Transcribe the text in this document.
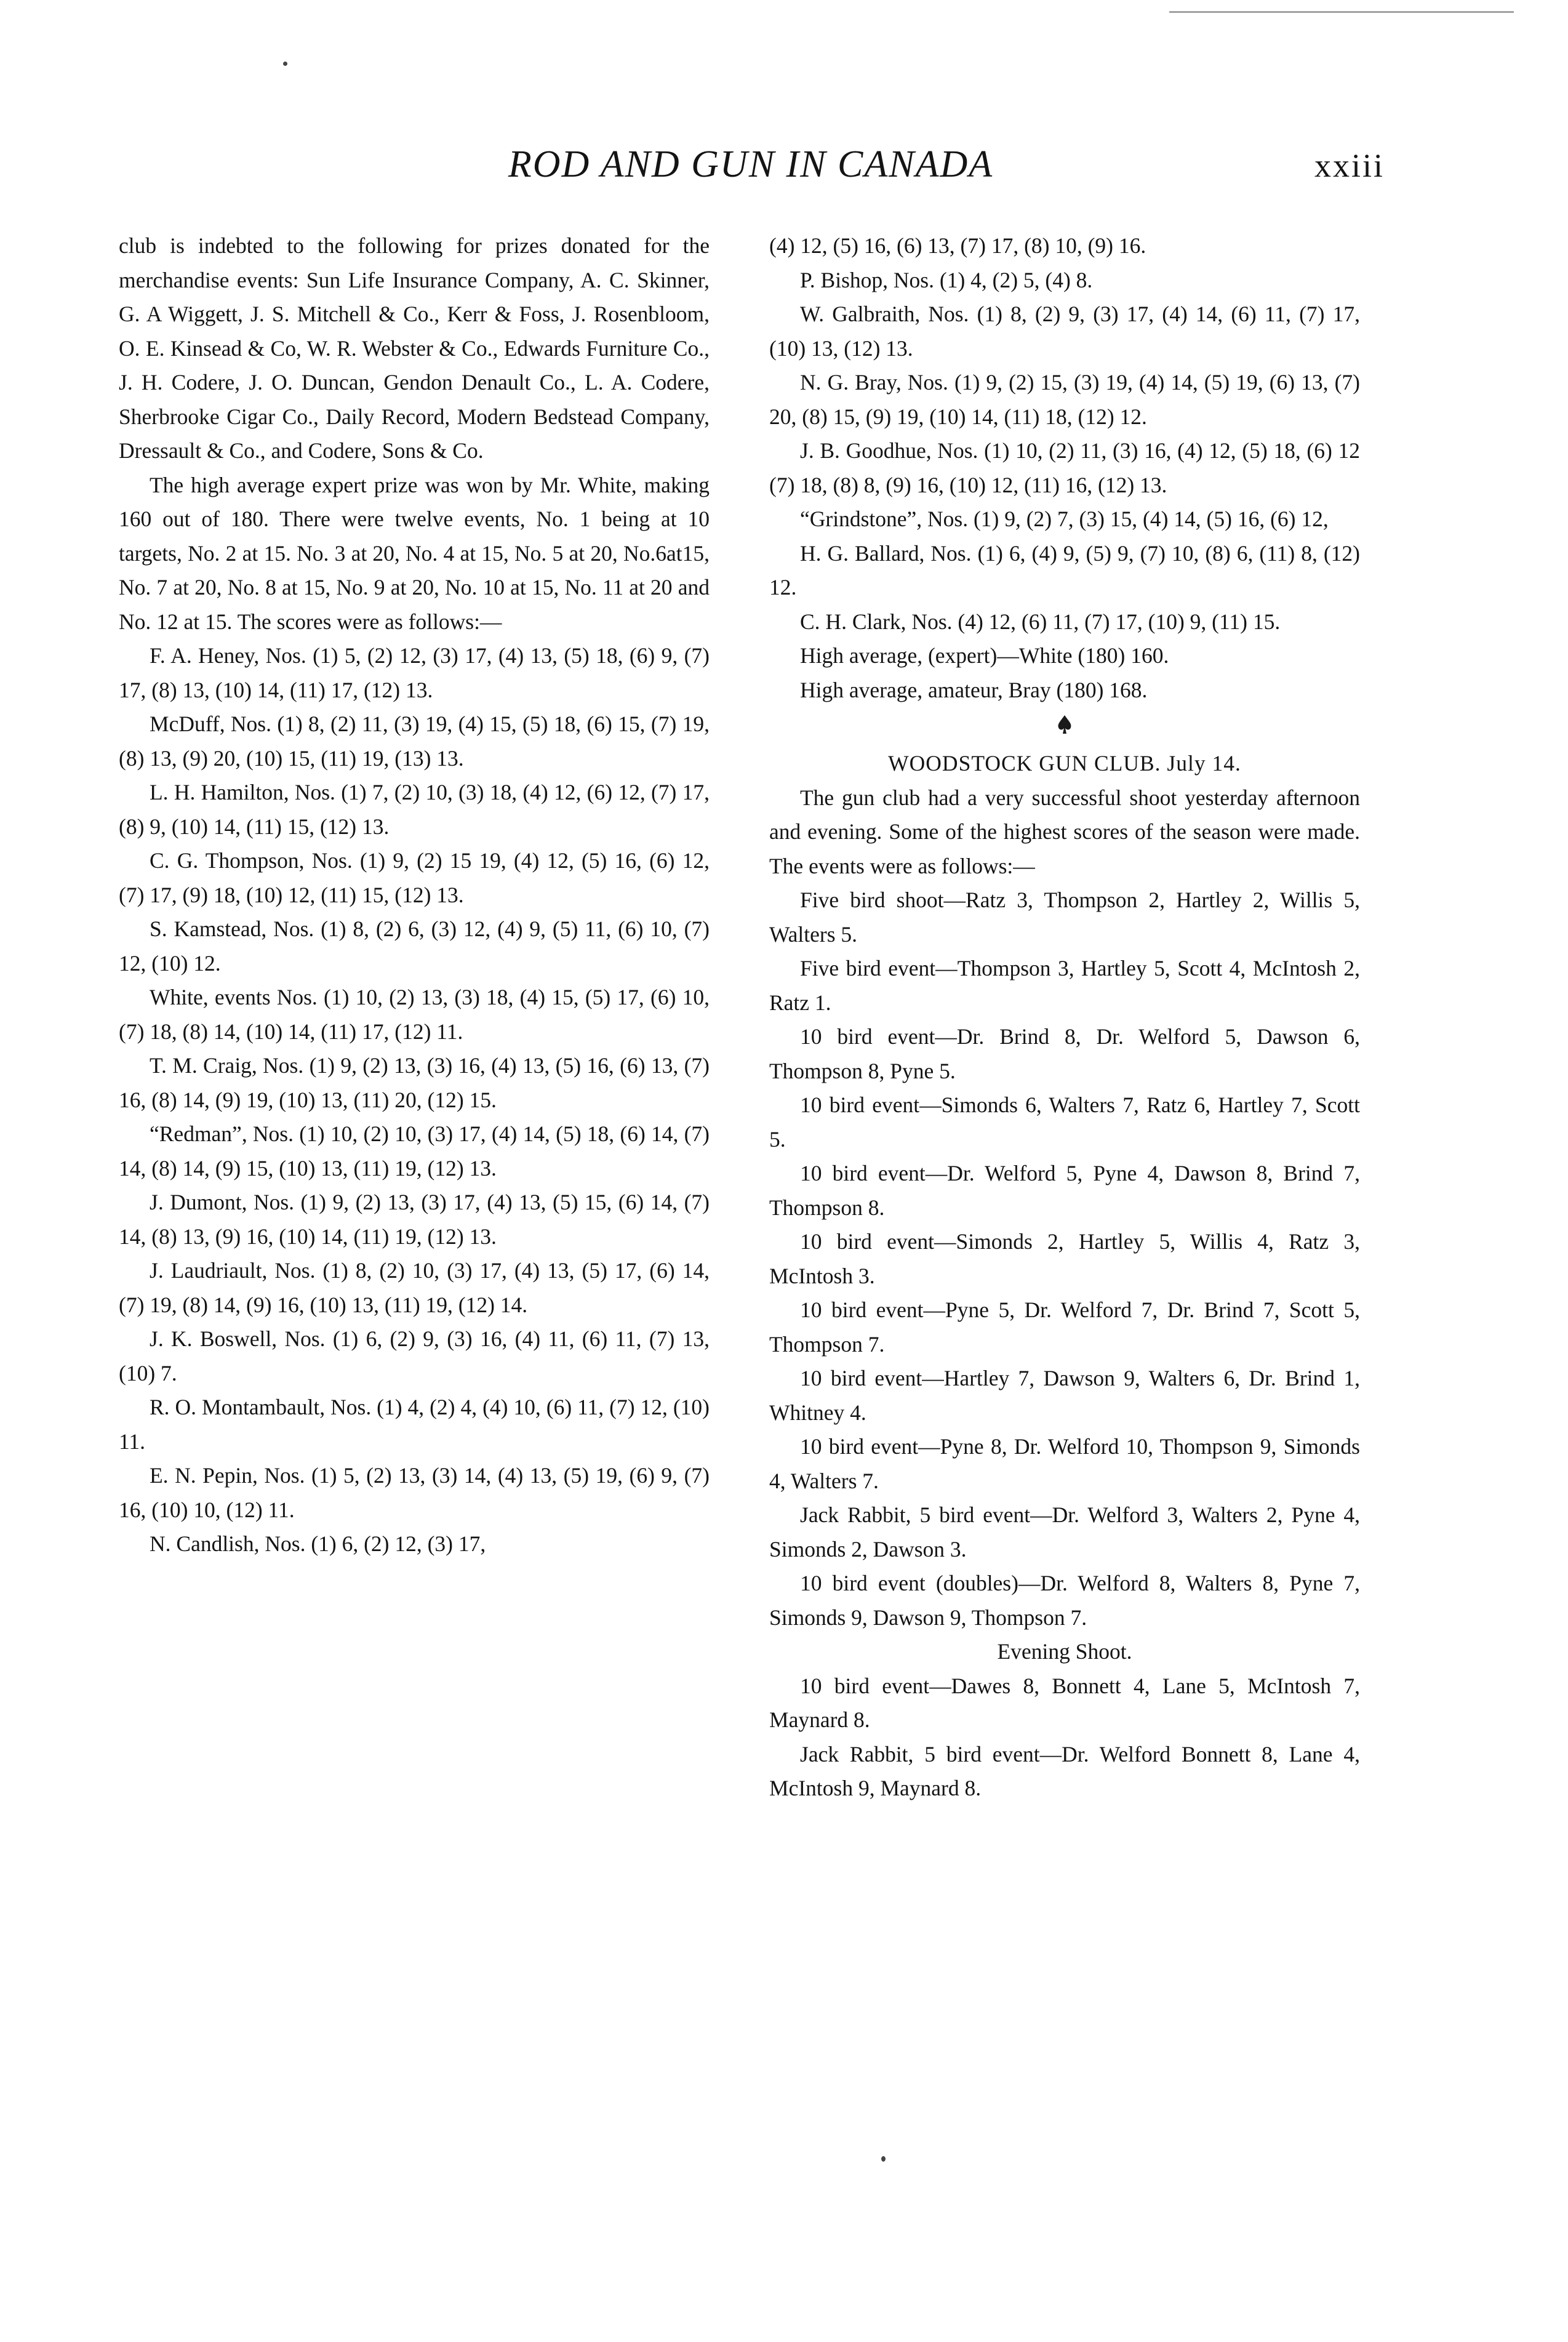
ROD AND GUN IN CANADA	xxiii

club is indebted to the following for prizes donated for the merchandise events: Sun Life Insurance Company, A. C. Skinner, G. A Wiggett, J. S. Mitchell & Co., Kerr & Foss, J. Rosenbloom, O. E. Kinsead & Co, W. R. Webster & Co., Edwards Furniture Co., J. H. Codere, J. O. Duncan, Gendon Denault Co., L. A. Codere, Sherbrooke Cigar Co., Daily Record, Modern Bedstead Company, Dressault & Co., and Codere, Sons & Co.

The high average expert prize was won by Mr. White, making 160 out of 180. There were twelve events, No. 1 being at 10 targets, No. 2 at 15. No. 3 at 20, No. 4 at 15, No. 5 at 20, No.6at15, No. 7 at 20, No. 8 at 15, No. 9 at 20, No. 10 at 15, No. 11 at 20 and No. 12 at 15. The scores were as follows:—

F. A. Heney, Nos. (1) 5, (2) 12, (3) 17, (4) 13, (5) 18, (6) 9, (7) 17, (8) 13, (10) 14, (11) 17, (12) 13.

McDuff, Nos. (1) 8, (2) 11, (3) 19, (4) 15, (5) 18, (6) 15, (7) 19, (8) 13, (9) 20, (10) 15, (11) 19, (13) 13.

L. H. Hamilton, Nos. (1) 7, (2) 10, (3) 18, (4) 12, (6) 12, (7) 17, (8) 9, (10) 14, (11) 15, (12) 13.

C. G. Thompson, Nos. (1) 9, (2) 15 19, (4) 12, (5) 16, (6) 12, (7) 17, (9) 18, (10) 12, (11) 15, (12) 13.

S. Kamstead, Nos. (1) 8, (2) 6, (3) 12, (4) 9, (5) 11, (6) 10, (7) 12, (10) 12.

White, events Nos. (1) 10, (2) 13, (3) 18, (4) 15, (5) 17, (6) 10, (7) 18, (8) 14, (10) 14, (11) 17, (12) 11.

T. M. Craig, Nos. (1) 9, (2) 13, (3) 16, (4) 13, (5) 16, (6) 13, (7) 16, (8) 14, (9) 19, (10) 13, (11) 20, (12) 15.

“Redman”, Nos. (1) 10, (2) 10, (3) 17, (4) 14, (5) 18, (6) 14, (7) 14, (8) 14, (9) 15, (10) 13, (11) 19, (12) 13.

J. Dumont, Nos. (1) 9, (2) 13, (3) 17, (4) 13, (5) 15, (6) 14, (7) 14, (8) 13, (9) 16, (10) 14, (11) 19, (12) 13.

J. Laudriault, Nos. (1) 8, (2) 10, (3) 17, (4) 13, (5) 17, (6) 14, (7) 19, (8) 14, (9) 16, (10) 13, (11) 19, (12) 14.

J. K. Boswell, Nos. (1) 6, (2) 9, (3) 16, (4) 11, (6) 11, (7) 13, (10) 7.

R. O. Montambault, Nos. (1) 4, (2) 4, (4) 10, (6) 11, (7) 12, (10) 11.

E. N. Pepin, Nos. (1) 5, (2) 13, (3) 14, (4) 13, (5) 19, (6) 9, (7) 16, (10) 10, (12) 11.

N. Candlish, Nos. (1) 6, (2) 12, (3) 17,

(4) 12, (5) 16, (6) 13, (7) 17, (8) 10, (9) 16.

P. Bishop, Nos. (1) 4, (2) 5, (4) 8.

W. Galbraith, Nos. (1) 8, (2) 9, (3) 17, (4) 14, (6) 11, (7) 17, (10) 13, (12) 13.

N. G. Bray, Nos. (1) 9, (2) 15, (3) 19, (4) 14, (5) 19, (6) 13, (7) 20, (8) 15, (9) 19, (10) 14, (11) 18, (12) 12.

J. B. Goodhue, Nos. (1) 10, (2) 11, (3) 16, (4) 12, (5) 18, (6) 12 (7) 18, (8) 8, (9) 16, (10) 12, (11) 16, (12) 13.

“Grindstone”, Nos. (1) 9, (2) 7, (3) 15, (4) 14, (5) 16, (6) 12,

H. G. Ballard, Nos. (1) 6, (4) 9, (5) 9, (7) 10, (8) 6, (11) 8, (12) 12.

C. H. Clark, Nos. (4) 12, (6) 11, (7) 17, (10) 9, (11) 15.

High average, (expert)—White (180) 160.

High average, amateur, Bray (180) 168.

WOODSTOCK GUN CLUB. July 14.

The gun club had a very successful shoot yesterday afternoon and evening. Some of the highest scores of the season were made. The events were as follows:—

Five bird shoot—Ratz 3, Thompson 2, Hartley 2, Willis 5, Walters 5.

Five bird event—Thompson 3, Hartley 5, Scott 4, McIntosh 2, Ratz 1.

10 bird event—Dr. Brind 8, Dr. Welford 5, Dawson 6, Thompson 8, Pyne 5.

10 bird event—Simonds 6, Walters 7, Ratz 6, Hartley 7, Scott 5.

10 bird event—Dr. Welford 5, Pyne 4, Dawson 8, Brind 7, Thompson 8.

10 bird event—Simonds 2, Hartley 5, Willis 4, Ratz 3, McIntosh 3.

10 bird event—Pyne 5, Dr. Welford 7, Dr. Brind 7, Scott 5, Thompson 7.

10 bird event—Hartley 7, Dawson 9, Walters 6, Dr. Brind 1, Whitney 4.

10 bird event—Pyne 8, Dr. Welford 10, Thompson 9, Simonds 4, Walters 7.

Jack Rabbit, 5 bird event—Dr. Welford 3, Walters 2, Pyne 4, Simonds 2, Dawson 3.

10 bird event (doubles)—Dr. Welford 8, Walters 8, Pyne 7, Simonds 9, Dawson 9, Thompson 7.

Evening Shoot.

10 bird event—Dawes 8, Bonnett 4, Lane 5, McIntosh 7, Maynard 8.

Jack Rabbit, 5 bird event—Dr. Welford Bonnett 8, Lane 4, McIntosh 9, Maynard 8.
